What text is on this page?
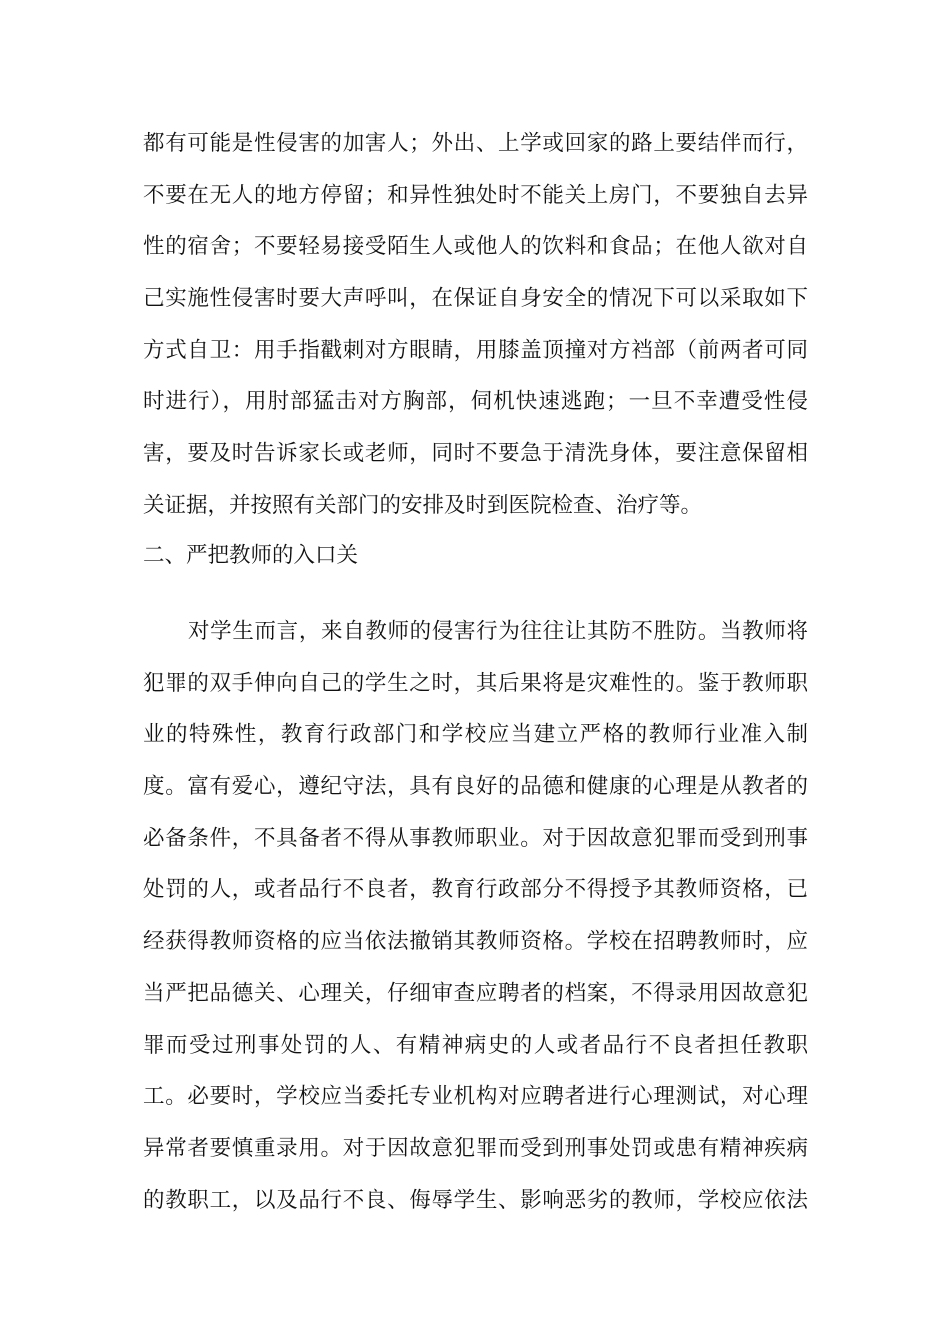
都有可能是性侵害的加害人；外出、上学或回家的路上要结伴而行，
不要在无人的地方停留；和异性独处时不能关上房门，不要独自去异
性的宿舍；不要轻易接受陌生人或他人的饮料和食品；在他人欲对自
己实施性侵害时要大声呼叫，在保证自身安全的情况下可以采取如下
方式自卫：用手指戳刺对方眼睛，用膝盖顶撞对方裆部（前两者可同
时进行），用肘部猛击对方胸部，伺机快速逃跑；一旦不幸遭受性侵
害，要及时告诉家长或老师，同时不要急于清洗身体，要注意保留相
关证据，并按照有关部门的安排及时到医院检查、治疗等。
二、严把教师的入口关
对学生而言，来自教师的侵害行为往往让其防不胜防。当教师将
犯罪的双手伸向自己的学生之时，其后果将是灾难性的。鉴于教师职
业的特殊性，教育行政部门和学校应当建立严格的教师行业准入制
度。富有爱心，遵纪守法，具有良好的品德和健康的心理是从教者的
必备条件，不具备者不得从事教师职业。对于因故意犯罪而受到刑事
处罚的人，或者品行不良者，教育行政部分不得授予其教师资格，已
经获得教师资格的应当依法撤销其教师资格。学校在招聘教师时，应
当严把品德关、心理关，仔细审查应聘者的档案，不得录用因故意犯
罪而受过刑事处罚的人、有精神病史的人或者品行不良者担任教职
工。必要时，学校应当委托专业机构对应聘者进行心理测试，对心理
异常者要慎重录用。对于因故意犯罪而受到刑事处罚或患有精神疾病
的教职工，以及品行不良、侮辱学生、影响恶劣的教师，学校应依法
